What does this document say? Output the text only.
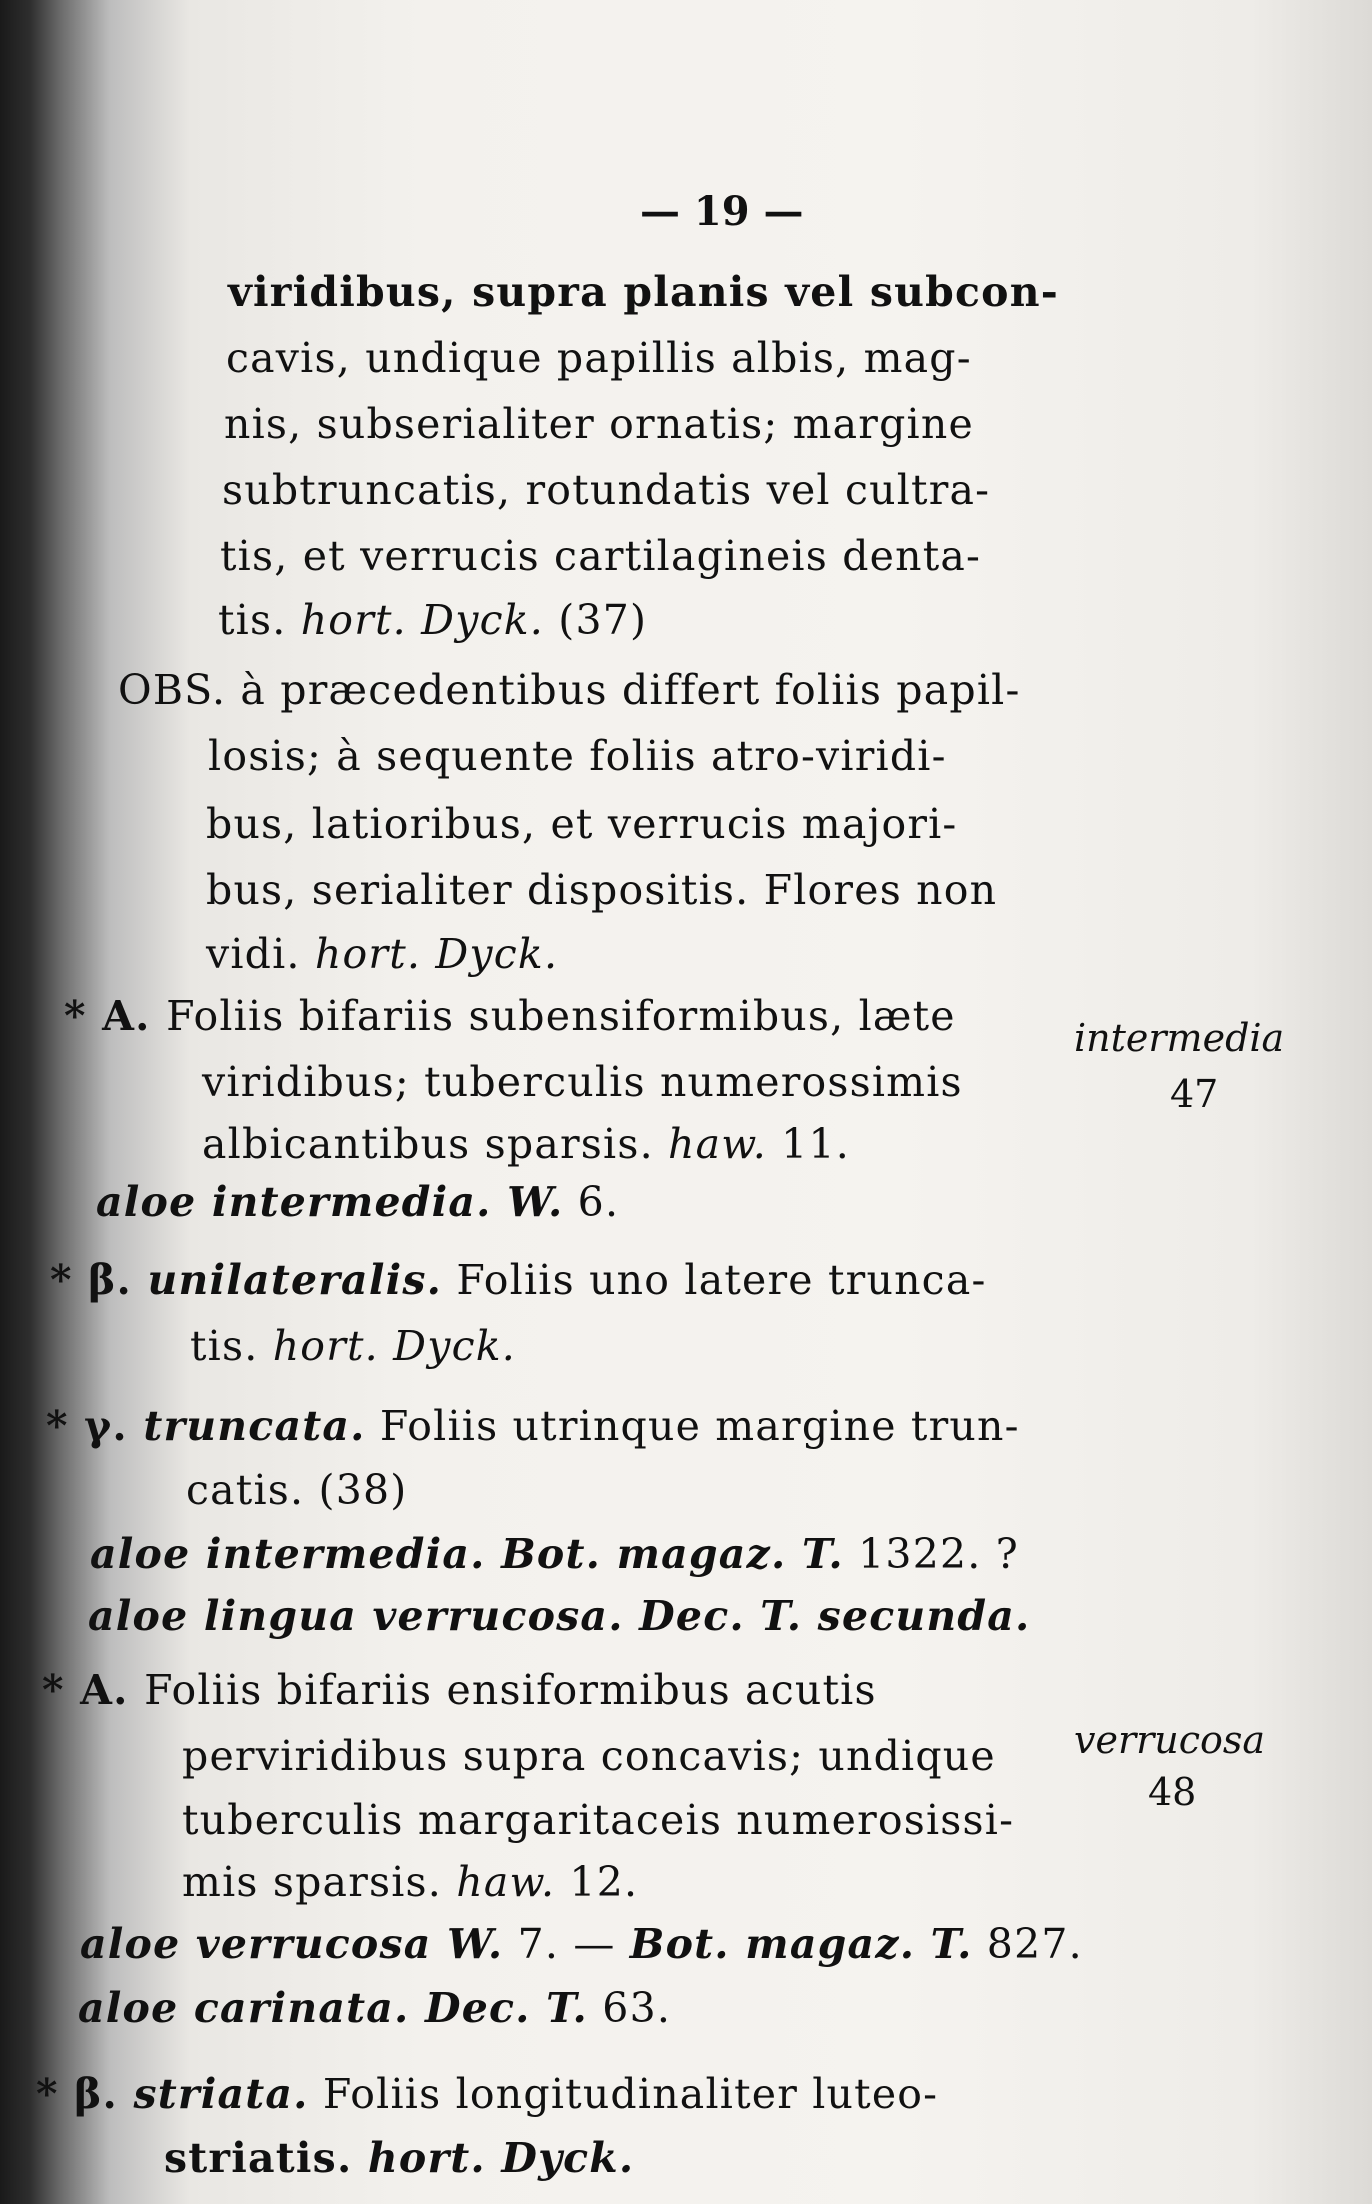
— 19 —
viridibus, supra planis vel subcon-
cavis, undique papillis albis, mag-
nis, subserialiter ornatis; margine
subtruncatis, rotundatis vel cultra-
tis, et verrucis cartilagineis denta-
tis. hort. Dyck. (37)
OBS. à præcedentibus differt foliis papil-
losis; à sequente foliis atro-viridi-
bus, latioribus, et verrucis majori-
bus, serialiter dispositis. Flores non
vidi. hort. Dyck.
* A. Foliis bifariis subensiformibus, læte
viridibus; tuberculis numerossimis
albicantibus sparsis. haw. 11.
aloe intermedia. W. 6.
* β. unilateralis. Foliis uno latere trunca-
tis. hort. Dyck.
* γ. truncata. Foliis utrinque margine trun-
catis. (38)
aloe intermedia. Bot. magaz. T. 1322. ?
aloe lingua verrucosa. Dec. T. secunda.
* A. Foliis bifariis ensiformibus acutis
perviridibus supra concavis; undique
tuberculis margaritaceis numerosissi-
mis sparsis. haw. 12.
aloe verrucosa W. 7. — Bot. magaz. T. 827.
aloe carinata. Dec. T. 63.
* β. striata. Foliis longitudinaliter luteo-
striatis. hort. Dyck.
intermedia
47
verrucosa
48
